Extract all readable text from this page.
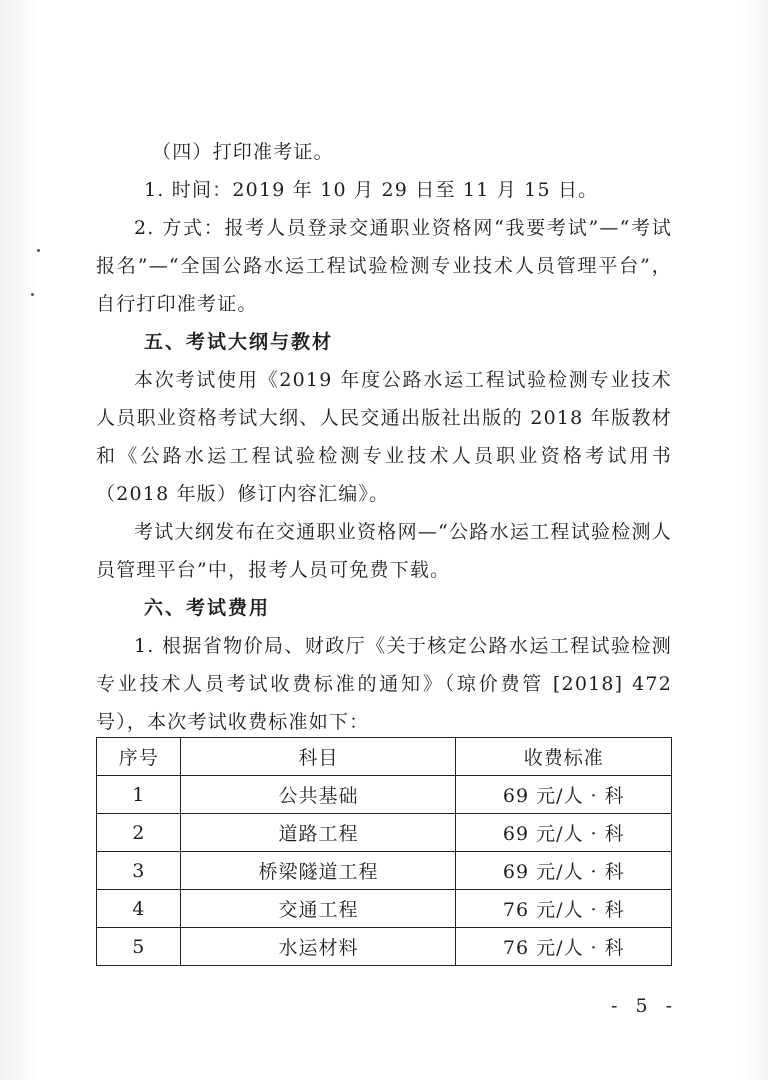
（四）打印准考证。
1. 时间：2019 年 10 月 29 日至 11 月 15 日。
2. 方式：报考人员登录交通职业资格网“我要考试”—“考试报名”—“全国公路水运工程试验检测专业技术人员管理平台”，自行打印准考证。
五、考试大纲与教材
本次考试使用《2019 年度公路水运工程试验检测专业技术人员职业资格考试大纲、人民交通出版社出版的 2018 年版教材和《公路水运工程试验检测专业技术人员职业资格考试用书（2018 年版）修订内容汇编》。
考试大纲发布在交通职业资格网—“公路水运工程试验检测人员管理平台”中，报考人员可免费下载。
六、考试费用
1. 根据省物价局、财政厅《关于核定公路水运工程试验检测专业技术人员考试收费标准的通知》（琼价费管 [2018] 472 号），本次考试收费标准如下：
序号	科目	收费标准
1	公共基础	69 元/人 · 科
2	道路工程	69 元/人 · 科
3	桥梁隧道工程	69 元/人 · 科
4	交通工程	76 元/人 · 科
5	水运材料	76 元/人 · 科
- 5 -
